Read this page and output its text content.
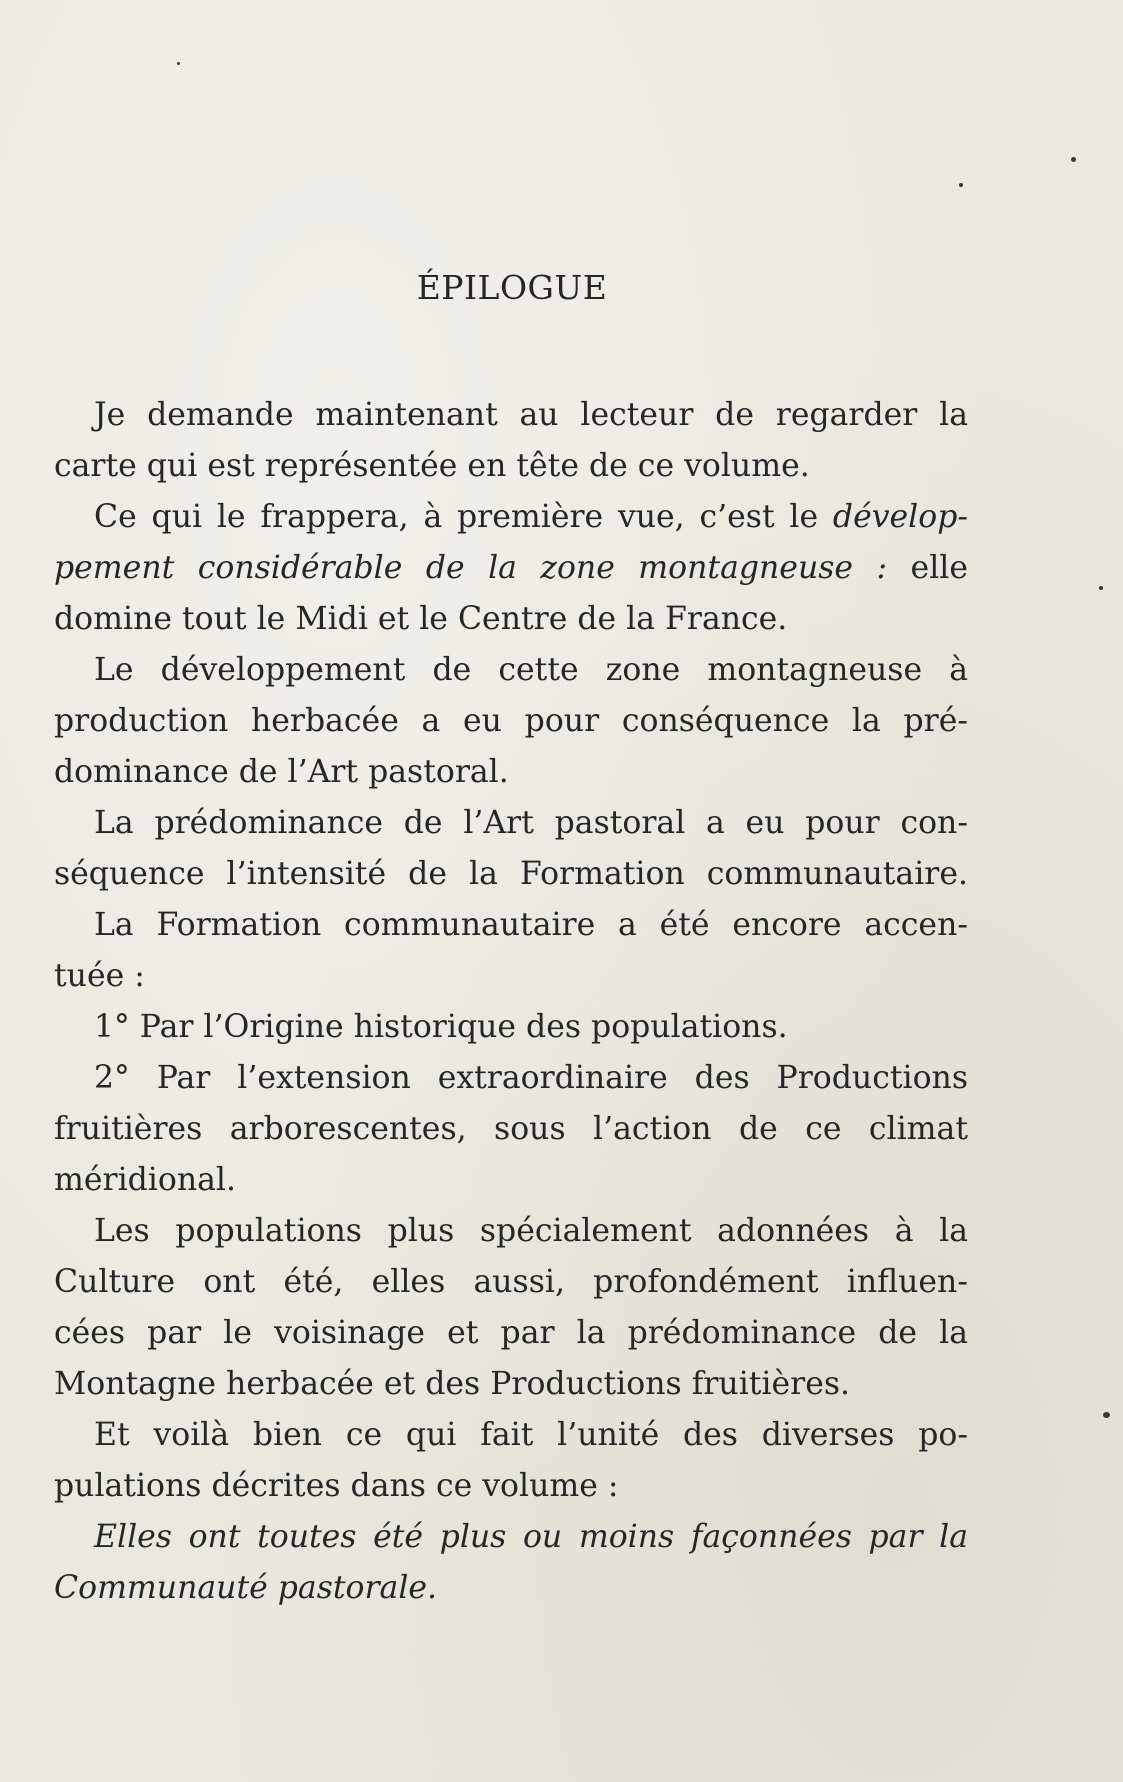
ÉPILOGUE
Je demande maintenant au lecteur de regarder la
carte qui est représentée en tête de ce volume.
Ce qui le frappera, à première vue, c’est le dévelop-
pement considérable de la zone montagneuse : elle
domine tout le Midi et le Centre de la France.
Le développement de cette zone montagneuse à
production herbacée a eu pour conséquence la pré-
dominance de l’Art pastoral.
La prédominance de l’Art pastoral a eu pour con-
séquence l’intensité de la Formation communautaire.
La Formation communautaire a été encore accen-
tuée :
1° Par l’Origine historique des populations.
2° Par l’extension extraordinaire des Productions
fruitières arborescentes, sous l’action de ce climat
méridional.
Les populations plus spécialement adonnées à la
Culture ont été, elles aussi, profondément influen-
cées par le voisinage et par la prédominance de la
Montagne herbacée et des Productions fruitières.
Et voilà bien ce qui fait l’unité des diverses po-
pulations décrites dans ce volume :
Elles ont toutes été plus ou moins façonnées par la
Communauté pastorale.
